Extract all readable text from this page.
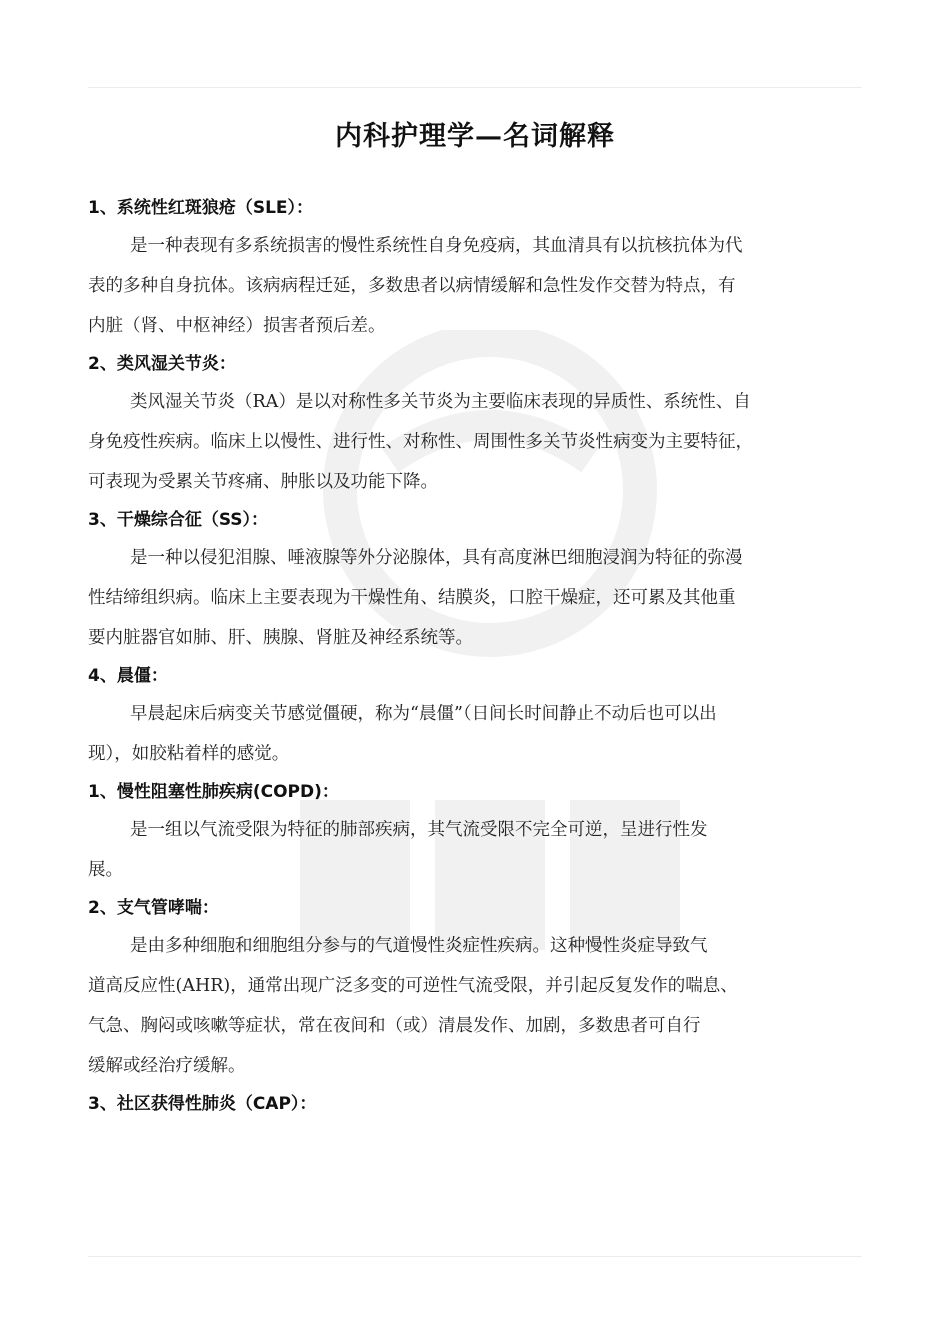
内科护理学—名词解释
1、系统性红斑狼疮（SLE）：
是一种表现有多系统损害的慢性系统性自身免疫病，其血清具有以抗核抗体为代
表的多种自身抗体。该病病程迁延，多数患者以病情缓解和急性发作交替为特点，有
内脏（肾、中枢神经）损害者预后差。
2、类风湿关节炎：
类风湿关节炎（RA）是以对称性多关节炎为主要临床表现的异质性、系统性、自
身免疫性疾病。临床上以慢性、进行性、对称性、周围性多关节炎性病变为主要特征，
可表现为受累关节疼痛、肿胀以及功能下降。
3、干燥综合征（SS）：
是一种以侵犯泪腺、唾液腺等外分泌腺体，具有高度淋巴细胞浸润为特征的弥漫
性结缔组织病。临床上主要表现为干燥性角、结膜炎，口腔干燥症，还可累及其他重
要内脏器官如肺、肝、胰腺、肾脏及神经系统等。
4、晨僵：
早晨起床后病变关节感觉僵硬，称为“晨僵”（日间长时间静止不动后也可以出
现），如胶粘着样的感觉。
1、慢性阻塞性肺疾病(COPD)：
是一组以气流受限为特征的肺部疾病，其气流受限不完全可逆，呈进行性发
展。
2、支气管哮喘：
是由多种细胞和细胞组分参与的气道慢性炎症性疾病。这种慢性炎症导致气
道高反应性(AHR)，通常出现广泛多变的可逆性气流受限，并引起反复发作的喘息、
气急、胸闷或咳嗽等症状，常在夜间和（或）清晨发作、加剧，多数患者可自行
缓解或经治疗缓解。
3、社区获得性肺炎（CAP）：
